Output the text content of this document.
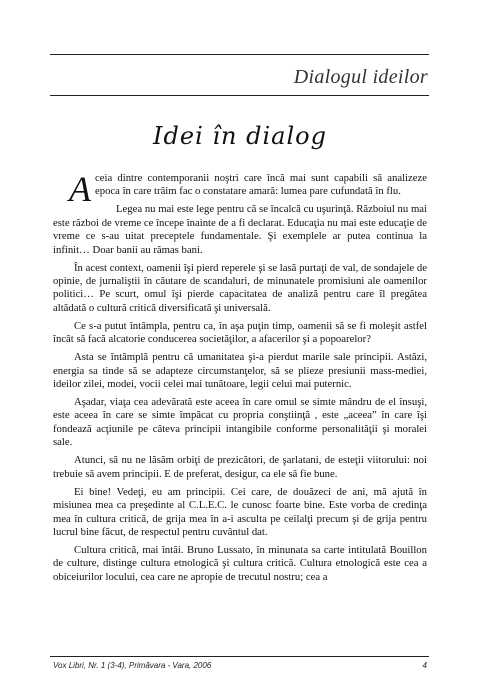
Dialogul ideilor
Idei în dialog

Aceia dintre contemporanii noştri care încă mai sunt capabili să analizeze epoca în care trăim fac o constatare amară: lumea pare cufundată în flu.

Legea nu mai este lege pentru că se încalcă cu uşurinţă. Războiul nu mai este război de vreme ce începe înainte de a fi declarat. Educaţia nu mai este educaţie de vreme ce s-au uitat preceptele fundamentale. Şi exemplele ar putea continua la infinit… Doar banii au rămas bani.

În acest context, oamenii îşi pierd reperele şi se lasă purtaţi de val, de sondajele de opinie, de jurnaliştii în căutare de scandaluri, de minunatele promisiuni ale oamenilor politici… Pe scurt, omul îşi pierde capacitatea de analiză pentru care îl pregătea altădată o cultură critică diversificată şi universală.

Ce s-a putut întâmpla, pentru ca, în aşa puţin timp, oamenii să se fi moleşit astfel încât să facă alcatorie conducerea societăţilor, a afacerilor şi a popoarelor?

Asta se întâmplă pentru că umanitatea şi-a pierdut marile sale principii. Astăzi, energia sa tinde să se adapteze circumstanţelor, să se plieze presiunii mass-mediei, ideilor zilei, modei, vocii celei mai tunătoare, legii celui mai puternic.

Aşadar, viaţa cea adevărată este aceea în care omul se simte mândru de el însuşi, este aceea în care se simte împăcat cu propria conştiinţă , este „aceea” în care îşi fondează acţiunile pe câteva principii intangibile conforme personalităţii şi moralei sale.

Atunci, să nu ne lăsăm orbiţi de prezicători, de şarlatani, de esteţii viitorului: noi trebuie să avem principii. E de preferat, desigur, ca ele să fie bune.

Ei bine! Vedeţi, eu am principii. Cei care, de douăzeci de ani, mă ajută în misiunea mea ca preşedinte al C.L.E.C. le cunosc foarte bine. Este vorba de credinţa mea în cultura critică, de grija mea în a-i asculta pe ceilalţi precum şi de grija pentru lucrul bine făcut, de respectul pentru cuvântul dat.

Cultura critică, mai întâi. Bruno Lussato, în minunata sa carte intitulată Bouillon de culture, distinge cultura etnologică şi cultura critică. Cultura etnologică este cea a obiceiurilor locului, cea care ne apropie de trecutul nostru; cea a

Vox Libri, Nr. 1 (3-4), Primăvara - Vara, 2006	4
